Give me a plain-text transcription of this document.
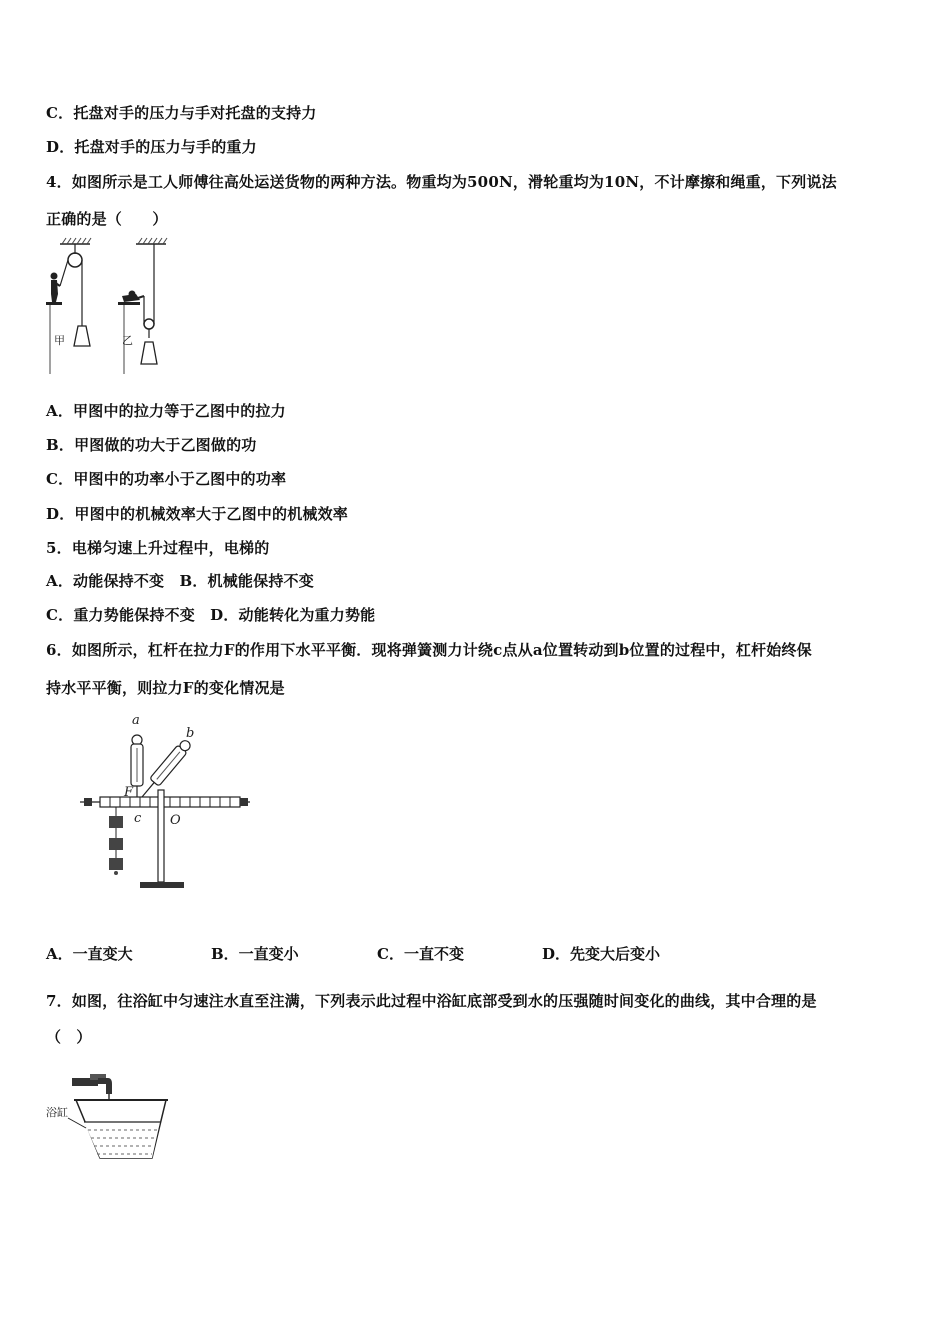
C．托盘对手的压力与手对托盘的支持力
D．托盘对手的压力与手的重力
4．如图所示是工人师傅往高处运送货物的两种方法。物重均为500N，滑轮重均为10N，不计摩擦和绳重，下列说法
正确的是（　　）
甲	乙
A．甲图中的拉力等于乙图中的拉力
B．甲图做的功大于乙图做的功
C．甲图中的功率小于乙图中的功率
D．甲图中的机械效率大于乙图中的机械效率
5．电梯匀速上升过程中，电梯的
A．动能保持不变　B．机械能保持不变
C．重力势能保持不变　D．动能转化为重力势能
6．如图所示，杠杆在拉力F的作用下水平平衡．现将弹簧测力计绕c点从a位置转动到b位置的过程中，杠杆始终保
持水平平衡，则拉力F的变化情况是
a
b
F
c O
A．一直变大	B．一直变小	C．一直不变	D．先变大后变小
7．如图，往浴缸中匀速注水直至注满，下列表示此过程中浴缸底部受到水的压强随时间变化的曲线，其中合理的是
（　）
浴缸
